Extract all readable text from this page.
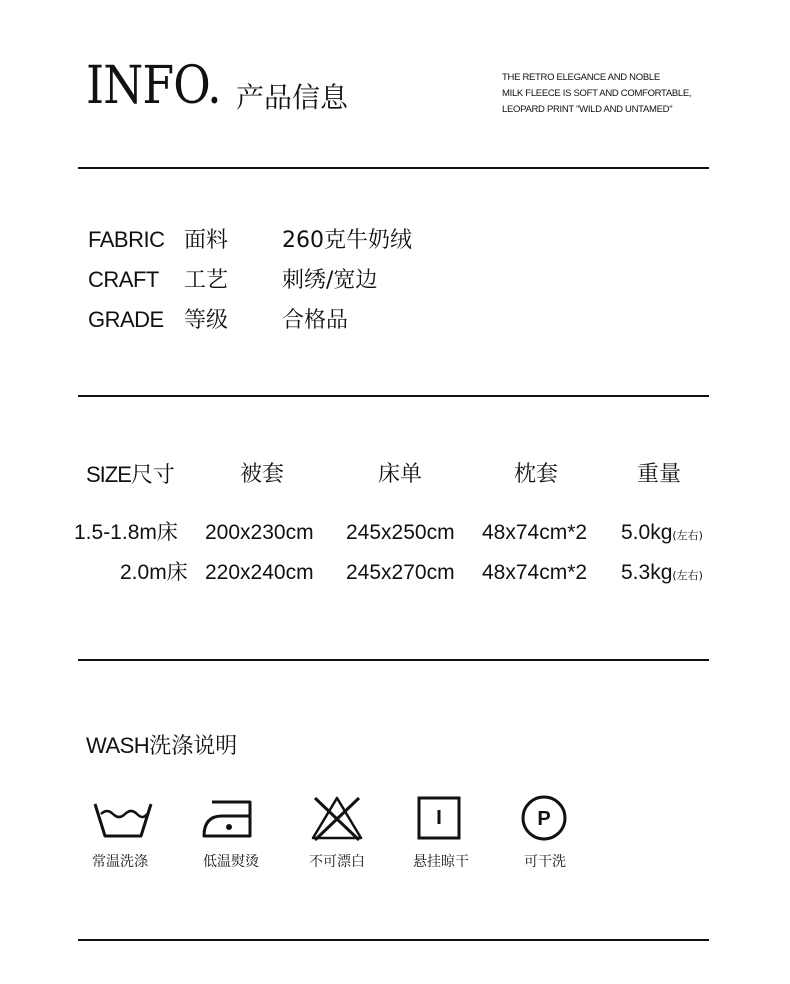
INFO. 产品信息
THE RETRO ELEGANCE AND NOBLE
MILK FLEECE IS SOFT AND COMFORTABLE,
LEOPARD PRINT "WILD AND UNTAMED"
FABRIC 面料 260克牛奶绒
CRAFT 工艺 刺绣/宽边
GRADE 等级 合格品
SIZE尺寸	被套	床单	枕套	重量
1.5-1.8m床 200x230cm 245x250cm 48x74cm*2 5.0kg(左右)
2.0m床 220x240cm 245x270cm 48x74cm*2 5.3kg(左右)
WASH洗涤说明
P
常温洗涤	低温熨烫	不可漂白	悬挂晾干	可干洗
